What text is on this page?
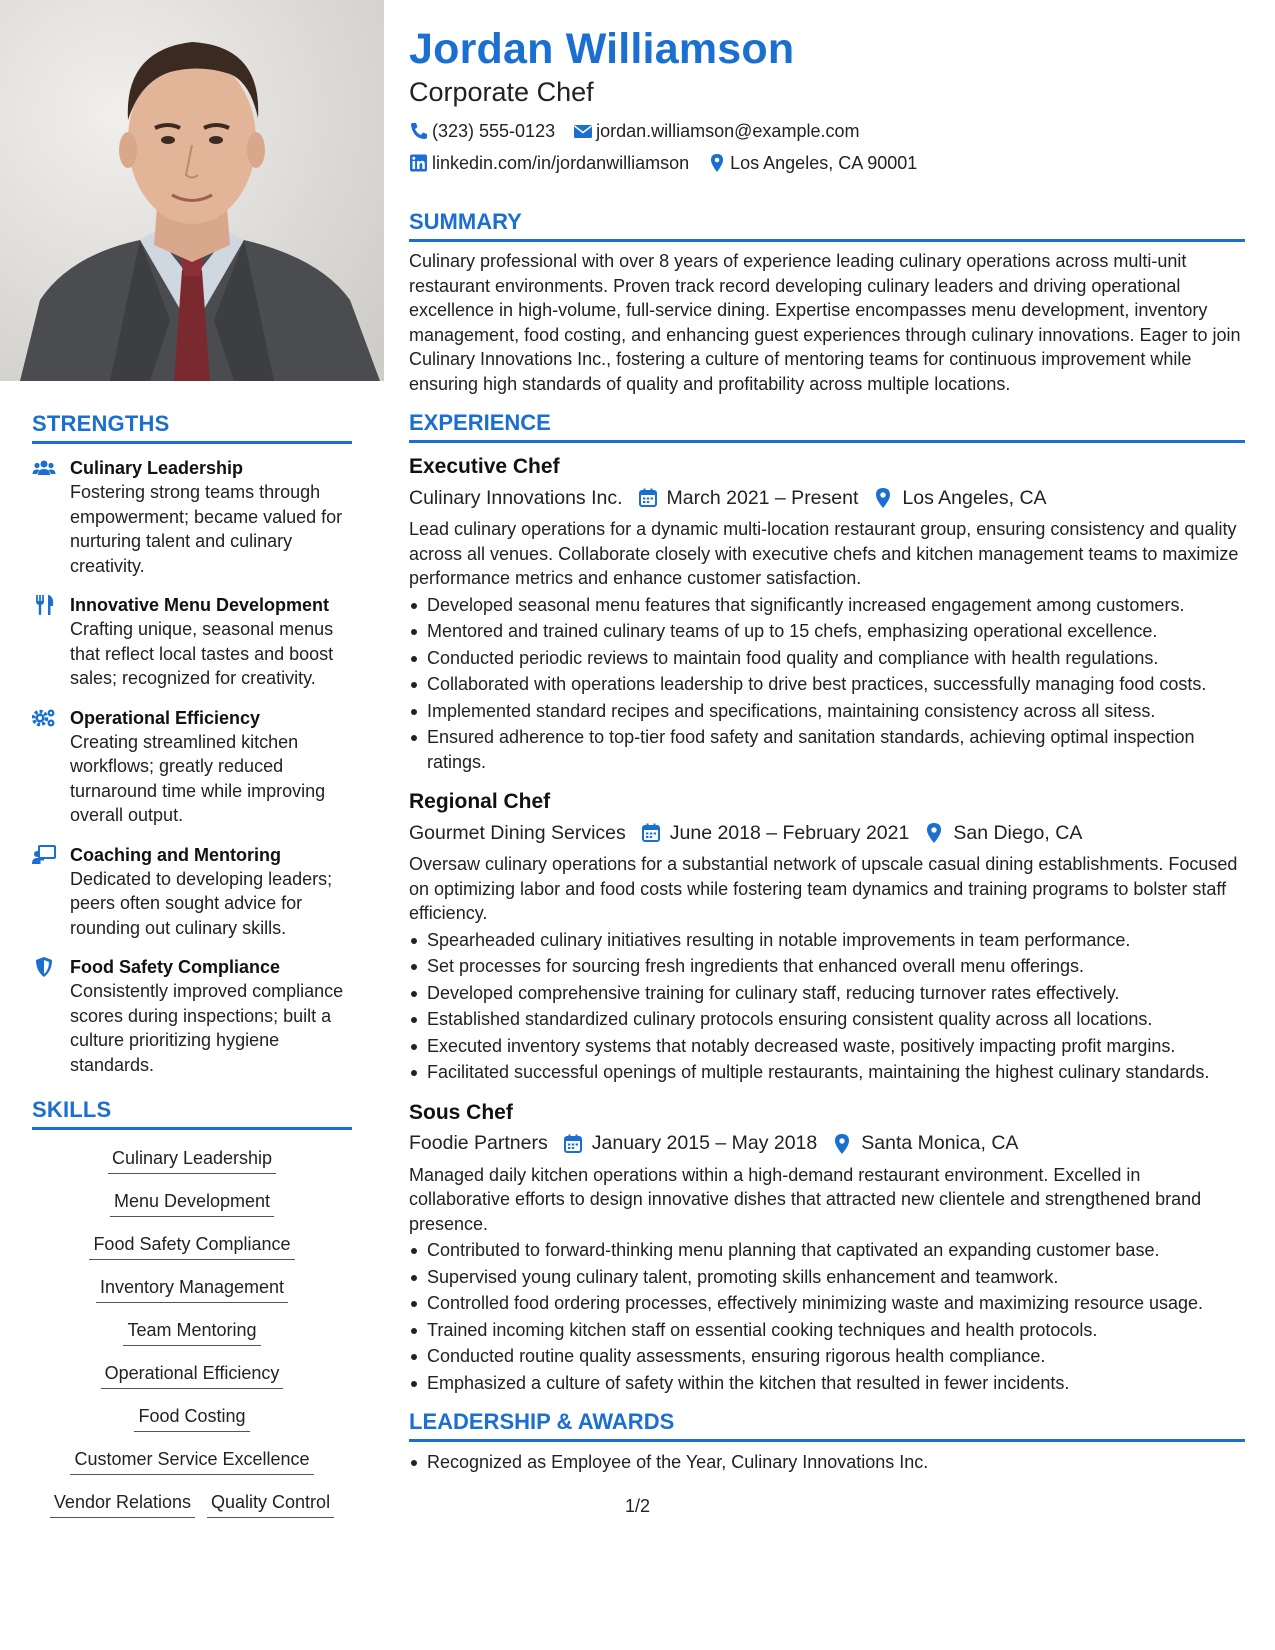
STRENGTHS
Culinary Leadership
Fostering strong teams through empowerment; became valued for nurturing talent and culinary creativity.
Innovative Menu Development
Crafting unique, seasonal menus that reflect local tastes and boost sales; recognized for creativity.
Operational Efficiency
Creating streamlined kitchen workflows; greatly reduced turnaround time while improving overall output.
Coaching and Mentoring
Dedicated to developing leaders; peers often sought advice for rounding out culinary skills.
Food Safety Compliance
Consistently improved compliance scores during inspections; built a culture prioritizing hygiene standards.
SKILLS
Culinary Leadership
Menu Development
Food Safety Compliance
Inventory Management
Team Mentoring
Operational Efficiency
Food Costing
Customer Service Excellence
Vendor Relations Quality Control
Jordan Williamson
Corporate Chef
(323) 555-0123 jordan.williamson@example.com
linkedin.com/in/jordanwilliamson Los Angeles, CA 90001
SUMMARY
Culinary professional with over 8 years of experience leading culinary operations across multi-unit restaurant environments. Proven track record developing culinary leaders and driving operational excellence in high-volume, full-service dining. Expertise encompasses menu development, inventory management, food costing, and enhancing guest experiences through culinary innovations. Eager to join Culinary Innovations Inc., fostering a culture of mentoring teams for continuous improvement while ensuring high standards of quality and profitability across multiple locations.
EXPERIENCE
Executive Chef
Culinary Innovations Inc. March 2021 – Present Los Angeles, CA
Lead culinary operations for a dynamic multi-location restaurant group, ensuring consistency and quality across all venues. Collaborate closely with executive chefs and kitchen management teams to maximize performance metrics and enhance customer satisfaction.
Developed seasonal menu features that significantly increased engagement among customers.
Mentored and trained culinary teams of up to 15 chefs, emphasizing operational excellence.
Conducted periodic reviews to maintain food quality and compliance with health regulations.
Collaborated with operations leadership to drive best practices, successfully managing food costs.
Implemented standard recipes and specifications, maintaining consistency across all sitess.
Ensured adherence to top-tier food safety and sanitation standards, achieving optimal inspection ratings.
Regional Chef
Gourmet Dining Services June 2018 – February 2021 San Diego, CA
Oversaw culinary operations for a substantial network of upscale casual dining establishments. Focused on optimizing labor and food costs while fostering team dynamics and training programs to bolster staff efficiency.
Spearheaded culinary initiatives resulting in notable improvements in team performance.
Set processes for sourcing fresh ingredients that enhanced overall menu offerings.
Developed comprehensive training for culinary staff, reducing turnover rates effectively.
Established standardized culinary protocols ensuring consistent quality across all locations.
Executed inventory systems that notably decreased waste, positively impacting profit margins.
Facilitated successful openings of multiple restaurants, maintaining the highest culinary standards.
Sous Chef
Foodie Partners January 2015 – May 2018 Santa Monica, CA
Managed daily kitchen operations within a high-demand restaurant environment. Excelled in collaborative efforts to design innovative dishes that attracted new clientele and strengthened brand presence.
Contributed to forward-thinking menu planning that captivated an expanding customer base.
Supervised young culinary talent, promoting skills enhancement and teamwork.
Controlled food ordering processes, effectively minimizing waste and maximizing resource usage.
Trained incoming kitchen staff on essential cooking techniques and health protocols.
Conducted routine quality assessments, ensuring rigorous health compliance.
Emphasized a culture of safety within the kitchen that resulted in fewer incidents.
LEADERSHIP & AWARDS
Recognized as Employee of the Year, Culinary Innovations Inc.
1/2
